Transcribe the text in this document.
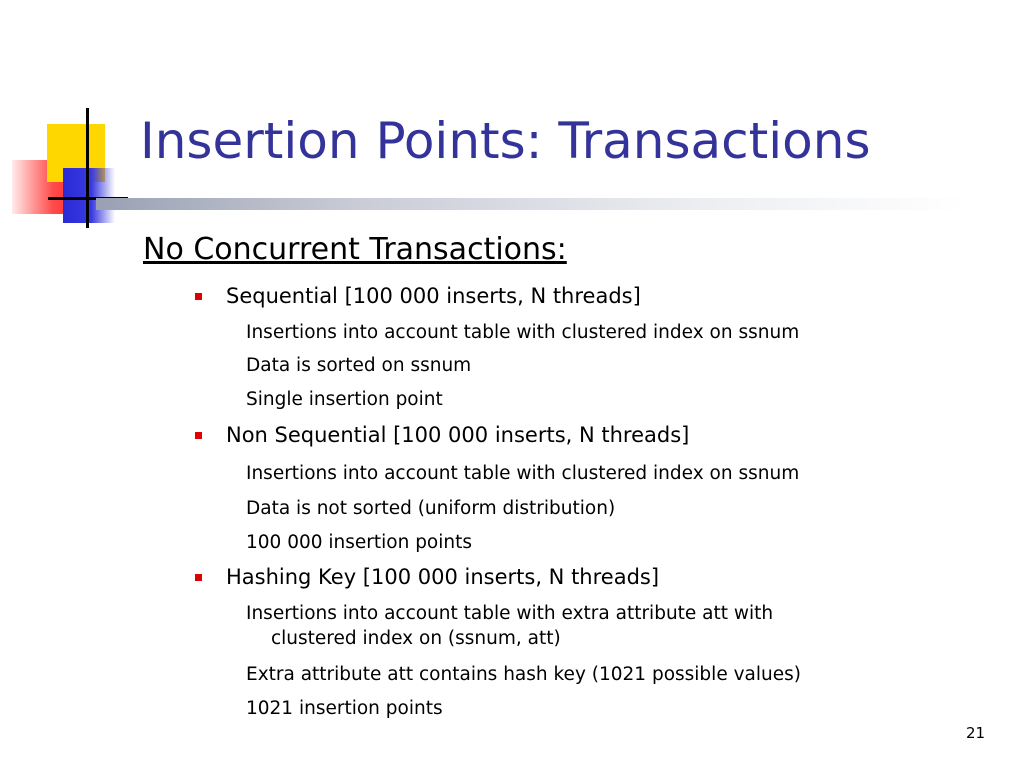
Insertion Points: Transactions
No Concurrent Transactions:
Sequential [100 000 inserts, N threads]
Insertions into account table with clustered index on ssnum
Data is sorted on ssnum
Single insertion point
Non Sequential [100 000 inserts, N threads]
Insertions into account table with clustered index on ssnum
Data is not sorted (uniform distribution)
100 000 insertion points
Hashing Key [100 000 inserts, N threads]
Insertions into account table with extra attribute att with
clustered index on (ssnum, att)
Extra attribute att contains hash key (1021 possible values)
1021 insertion points
21
